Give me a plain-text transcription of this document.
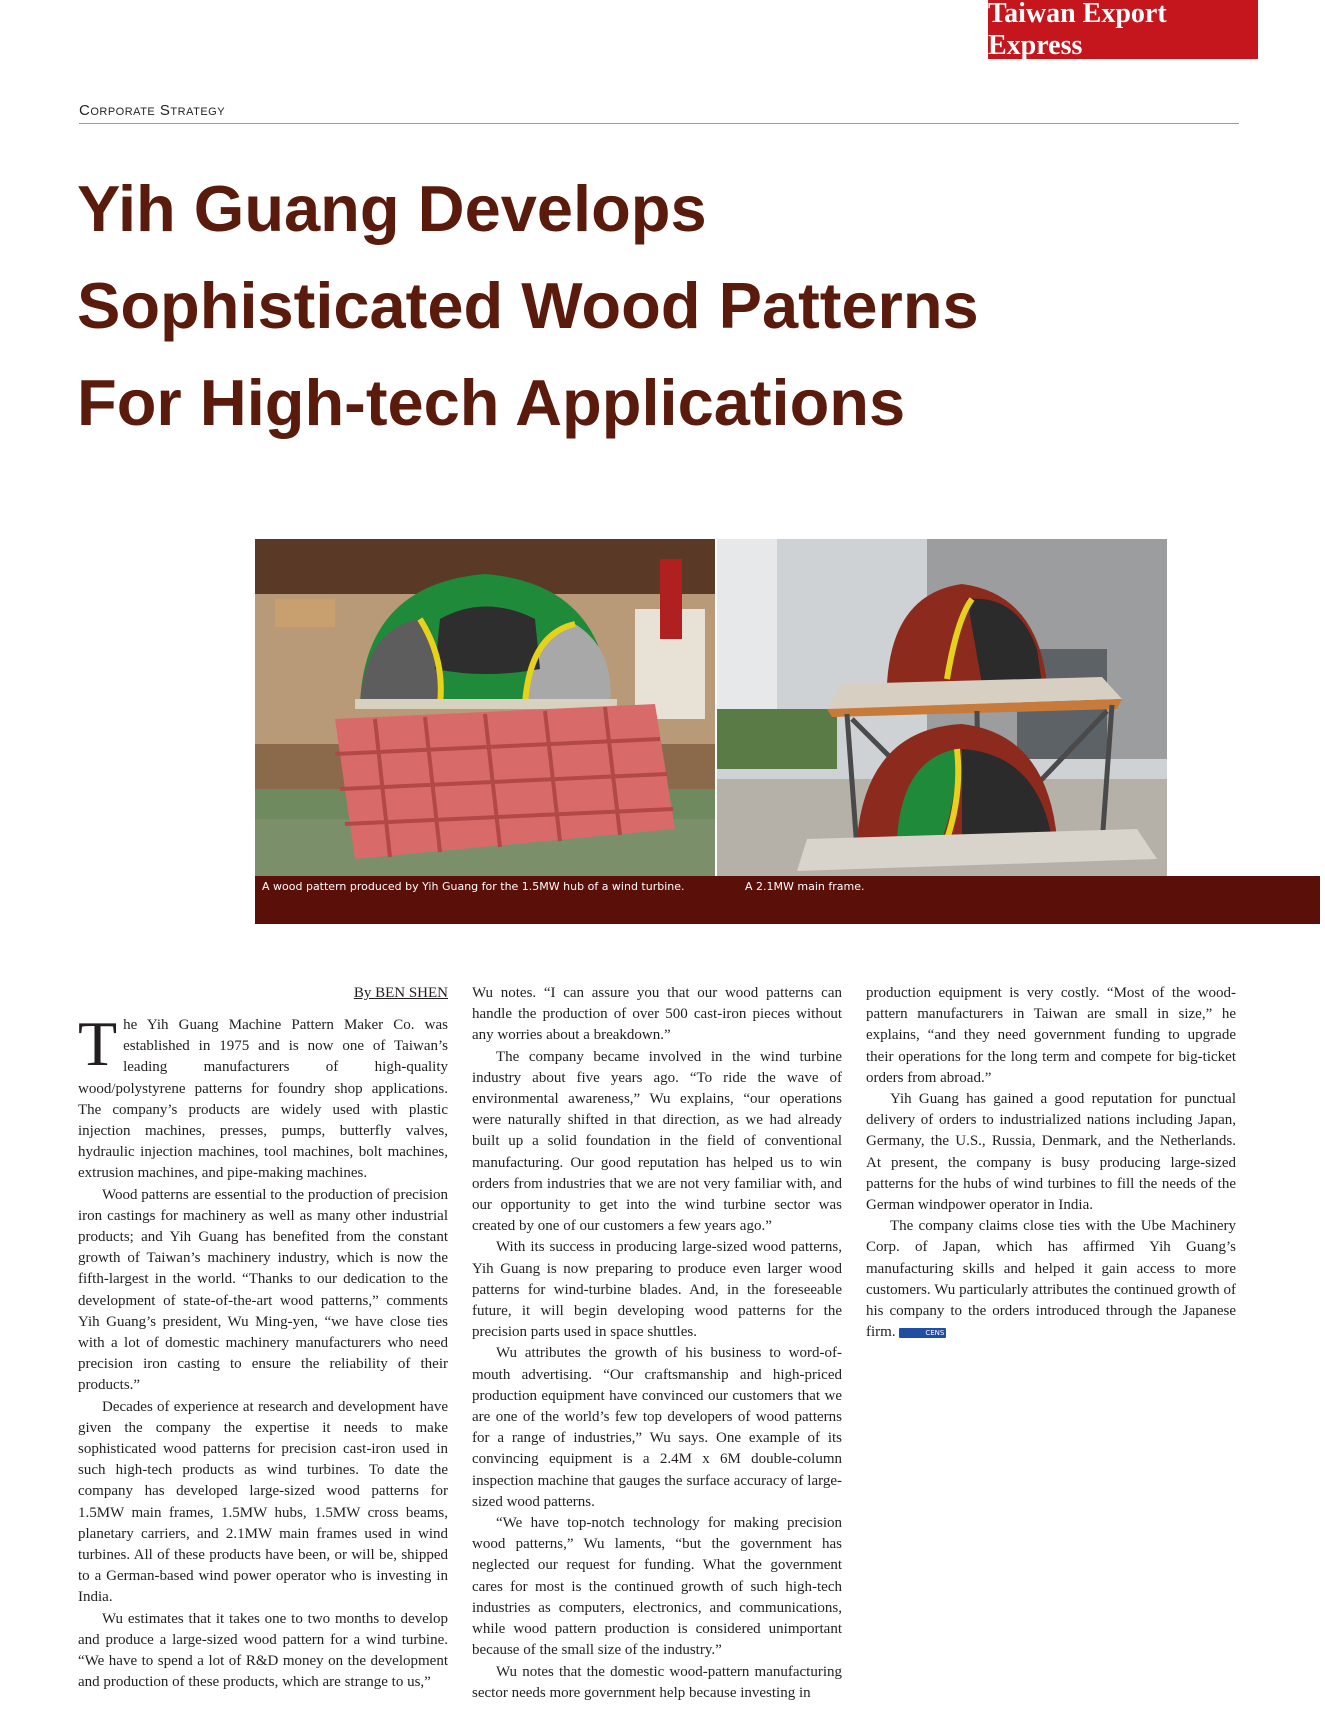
Taiwan Export Express
Corporate Strategy
Yih Guang Develops
Sophisticated Wood Patterns
For High-tech Applications
A wood pattern produced by Yih Guang for the 1.5MW hub of a wind turbine.	A 2.1MW main frame.
By BEN SHEN

The Yih Guang Machine Pattern Maker Co. was established in 1975 and is now one of Taiwan’s leading manufacturers of high-quality wood/polystyrene patterns for foundry shop applications. The company’s products are widely used with plastic injection machines, presses, pumps, butterfly valves, hydraulic injection machines, tool machines, bolt machines, extrusion machines, and pipe-making machines.

Wood patterns are essential to the production of precision iron castings for machinery as well as many other industrial products; and Yih Guang has benefited from the constant growth of Taiwan’s machinery industry, which is now the fifth-largest in the world. “Thanks to our dedication to the development of state-of-the-art wood patterns,” comments Yih Guang’s president, Wu Ming-yen, “we have close ties with a lot of domestic machinery manufacturers who need precision iron casting to ensure the reliability of their products.”

Decades of experience at research and development have given the company the expertise it needs to make sophisticated wood patterns for precision cast-iron used in such high-tech products as wind turbines. To date the company has developed large-sized wood patterns for 1.5MW main frames, 1.5MW hubs, 1.5MW cross beams, planetary carriers, and 2.1MW main frames used in wind turbines. All of these products have been, or will be, shipped to a German-based wind power operator who is investing in India.

Wu estimates that it takes one to two months to develop and produce a large-sized wood pattern for a wind turbine. “We have to spend a lot of R&D money on the development and production of these products, which are strange to us,”

Wu notes. “I can assure you that our wood patterns can handle the production of over 500 cast-iron pieces without any worries about a breakdown.”

The company became involved in the wind turbine industry about five years ago. “To ride the wave of environmental awareness,” Wu explains, “our operations were naturally shifted in that direction, as we had already built up a solid foundation in the field of conventional manufacturing. Our good reputation has helped us to win orders from industries that we are not very familiar with, and our opportunity to get into the wind turbine sector was created by one of our customers a few years ago.”

With its success in producing large-sized wood patterns, Yih Guang is now preparing to produce even larger wood patterns for wind-turbine blades. And, in the foreseeable future, it will begin developing wood patterns for the precision parts used in space shuttles.

Wu attributes the growth of his business to word-of-mouth advertising. “Our craftsmanship and high-priced production equipment have convinced our customers that we are one of the world’s few top developers of wood patterns for a range of industries,” Wu says. One example of its convincing equipment is a 2.4M x 6M double-column inspection machine that gauges the surface accuracy of large-sized wood patterns.

“We have top-notch technology for making precision wood patterns,” Wu laments, “but the government has neglected our request for funding. What the government cares for most is the continued growth of such high-tech industries as computers, electronics, and communications, while wood pattern production is considered unimportant because of the small size of the industry.”

Wu notes that the domestic wood-pattern manufacturing sector needs more government help because investing in

production equipment is very costly. “Most of the wood-pattern manufacturers in Taiwan are small in size,” he explains, “and they need government funding to upgrade their operations for the long term and compete for big-ticket orders from abroad.”

Yih Guang has gained a good reputation for punctual delivery of orders to industrialized nations including Japan, Germany, the U.S., Russia, Denmark, and the Netherlands. At present, the company is busy producing large-sized patterns for the hubs of wind turbines to fill the needs of the German windpower operator in India.

The company claims close ties with the Ube Machinery Corp. of Japan, which has affirmed Yih Guang’s manufacturing skills and helped it gain access to more customers. Wu particularly attributes the continued growth of his company to the orders introduced through the Japanese firm.	CENS
